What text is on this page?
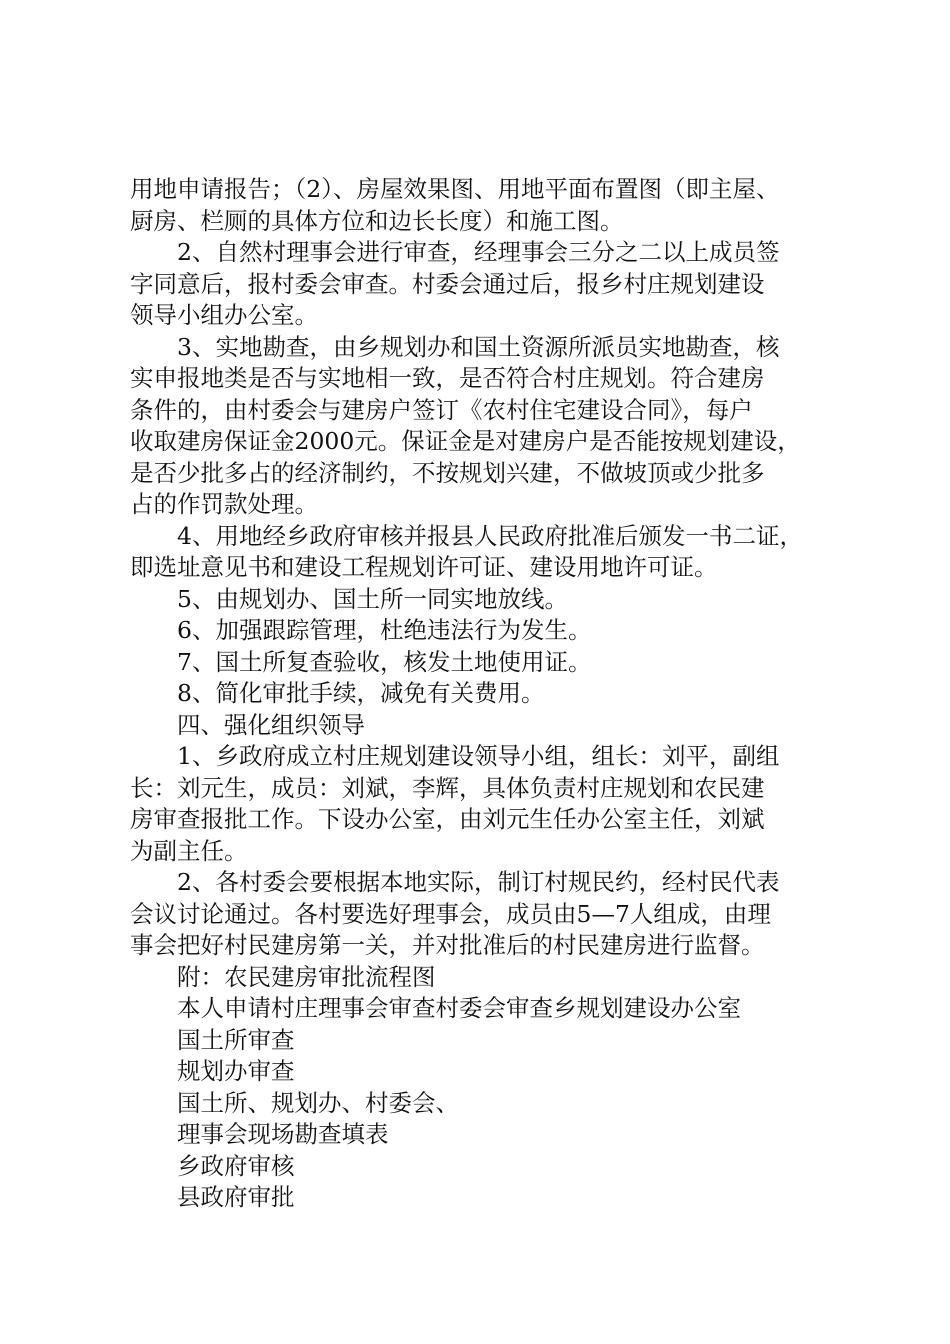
用地申请报告；（2）、房屋效果图、用地平面布置图（即主屋、
厨房、栏厕的具体方位和边长长度）和施工图。
2、自然村理事会进行审查，经理事会三分之二以上成员签
字同意后，报村委会审查。村委会通过后，报乡村庄规划建设
领导小组办公室。
3、实地勘查，由乡规划办和国土资源所派员实地勘查，核
实申报地类是否与实地相一致，是否符合村庄规划。符合建房
条件的，由村委会与建房户签订《农村住宅建设合同》，每户
收取建房保证金2000元。保证金是对建房户是否能按规划建设，
是否少批多占的经济制约，不按规划兴建，不做坡顶或少批多
占的作罚款处理。
4、用地经乡政府审核并报县人民政府批准后颁发一书二证，
即选址意见书和建设工程规划许可证、建设用地许可证。
5、由规划办、国土所一同实地放线。
6、加强跟踪管理，杜绝违法行为发生。
7、国土所复查验收，核发土地使用证。
8、简化审批手续，减免有关费用。
四、强化组织领导
1、乡政府成立村庄规划建设领导小组，组长：刘平，副组
长：刘元生，成员：刘斌，李辉，具体负责村庄规划和农民建
房审查报批工作。下设办公室，由刘元生任办公室主任，刘斌
为副主任。
2、各村委会要根据本地实际，制订村规民约，经村民代表
会议讨论通过。各村要选好理事会，成员由5—7人组成，由理
事会把好村民建房第一关，并对批准后的村民建房进行监督。
附：农民建房审批流程图
本人申请村庄理事会审查村委会审查乡规划建设办公室
国土所审查
规划办审查
国土所、规划办、村委会、
理事会现场勘查填表
乡政府审核
县政府审批
